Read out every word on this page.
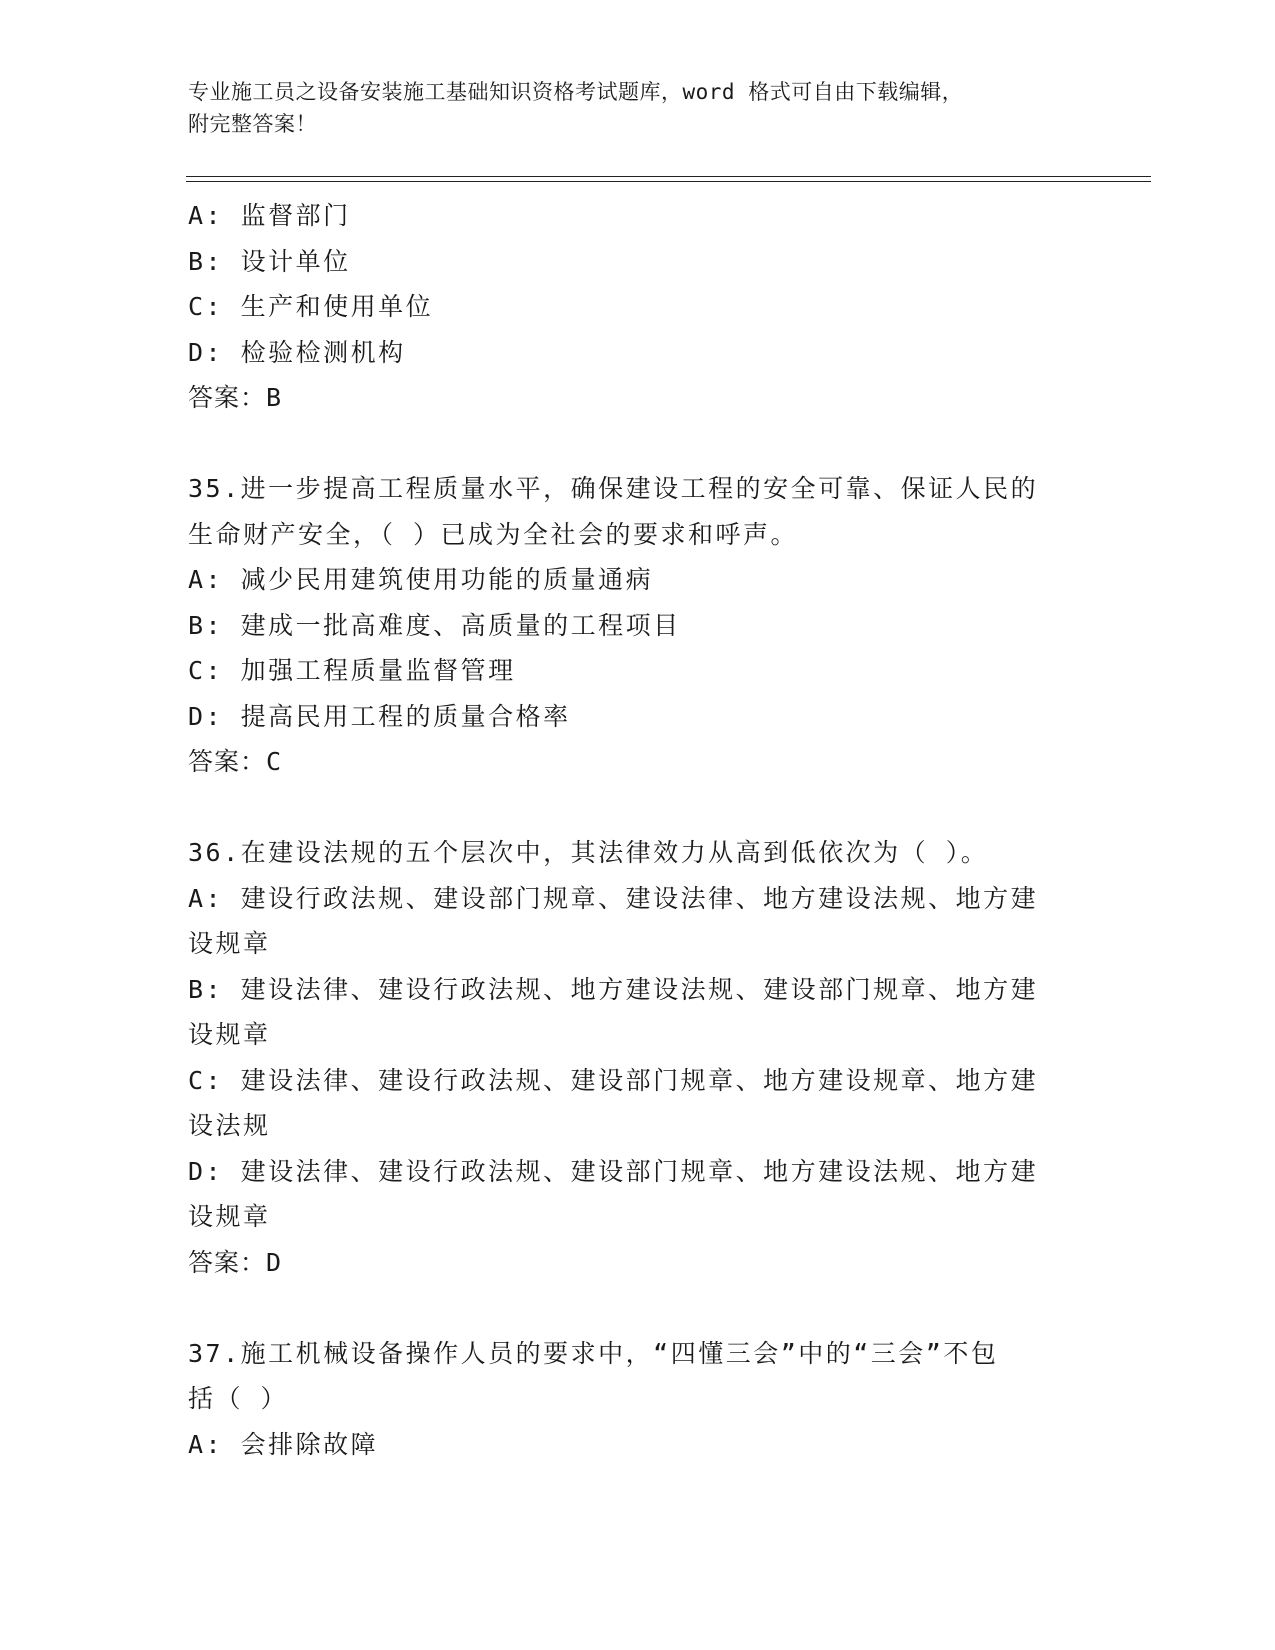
专业施工员之设备安装施工基础知识资格考试题库，word 格式可自由下载编辑，
附完整答案！
A: 监督部门
B: 设计单位
C: 生产和使用单位
D: 检验检测机构
答案：B
35.进一步提高工程质量水平，确保建设工程的安全可靠、保证人民的
生命财产安全，（ ）已成为全社会的要求和呼声。
A: 减少民用建筑使用功能的质量通病
B: 建成一批高难度、高质量的工程项目
C: 加强工程质量监督管理
D: 提高民用工程的质量合格率
答案：C
36.在建设法规的五个层次中，其法律效力从高到低依次为（ ）。
A: 建设行政法规、建设部门规章、建设法律、地方建设法规、地方建
设规章
B: 建设法律、建设行政法规、地方建设法规、建设部门规章、地方建
设规章
C: 建设法律、建设行政法规、建设部门规章、地方建设规章、地方建
设法规
D: 建设法律、建设行政法规、建设部门规章、地方建设法规、地方建
设规章
答案：D
37.施工机械设备操作人员的要求中，“四懂三会”中的“三会”不包
括（ ）
A: 会排除故障
